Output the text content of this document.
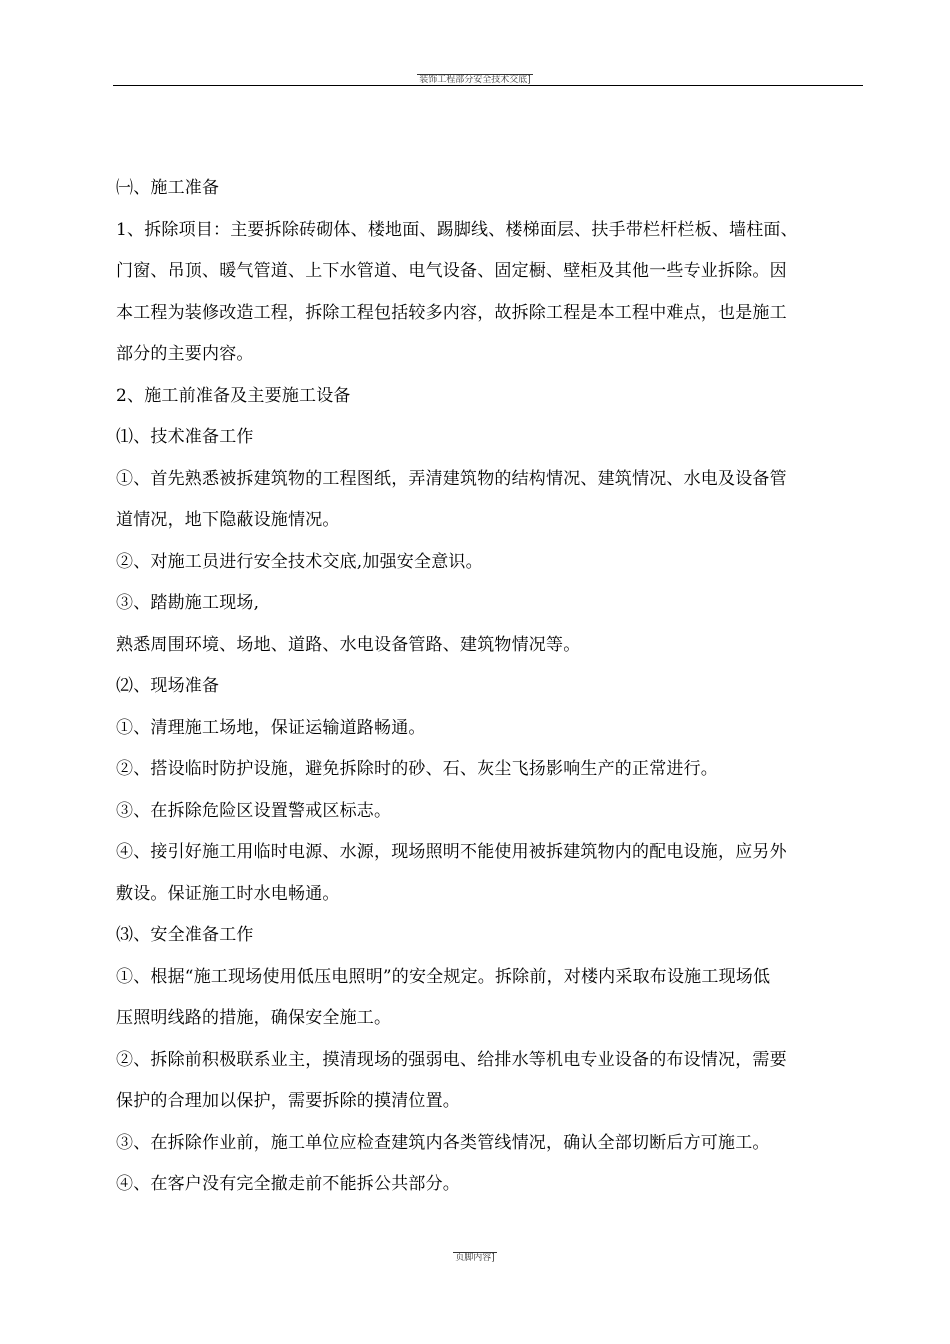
装饰工程部分安全技术交底]
㈠、施工准备
1、拆除项目：主要拆除砖砌体、楼地面、踢脚线、楼梯面层、扶手带栏杆栏板、墙柱面、
门窗、吊顶、暖气管道、上下水管道、电气设备、固定橱、壁柜及其他一些专业拆除。因
本工程为装修改造工程，拆除工程包括较多内容，故拆除工程是本工程中难点，也是施工
部分的主要内容。
2、施工前准备及主要施工设备
⑴、技术准备工作
①、首先熟悉被拆建筑物的工程图纸，弄清建筑物的结构情况、建筑情况、水电及设备管
道情况，地下隐蔽设施情况。
②、对施工员进行安全技术交底,加强安全意识。
③、踏勘施工现场,
熟悉周围环境、场地、道路、水电设备管路、建筑物情况等。
⑵、现场准备
①、清理施工场地，保证运输道路畅通。
②、搭设临时防护设施，避免拆除时的砂、石、灰尘飞扬影响生产的正常进行。
③、在拆除危险区设置警戒区标志。
④、接引好施工用临时电源、水源，现场照明不能使用被拆建筑物内的配电设施，应另外
敷设。保证施工时水电畅通。
⑶、安全准备工作
①、根据“施工现场使用低压电照明”的安全规定。拆除前，对楼内采取布设施工现场低
压照明线路的措施，确保安全施工。
②、拆除前积极联系业主，摸清现场的强弱电、给排水等机电专业设备的布设情况，需要
保护的合理加以保护，需要拆除的摸清位置。
③、在拆除作业前，施工单位应检查建筑内各类管线情况，确认全部切断后方可施工。
④、在客户没有完全撤走前不能拆公共部分。
页脚内容]
